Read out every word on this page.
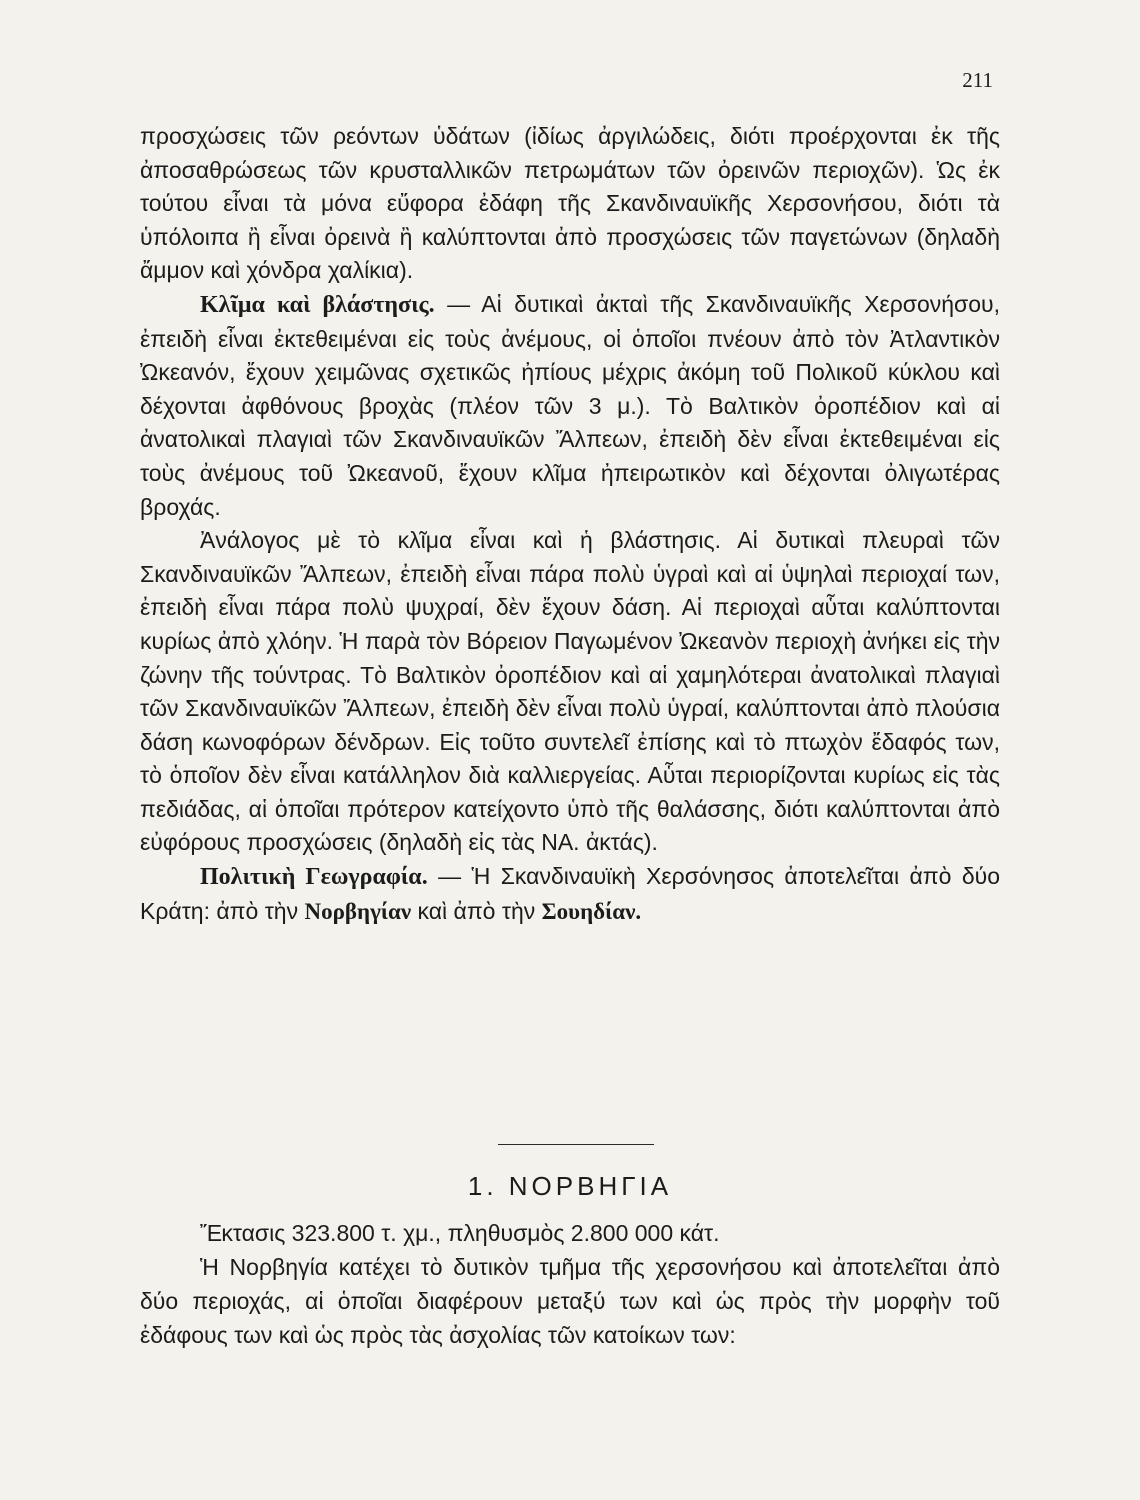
211

προσχώσεις τῶν ρεόντων ὑδάτων (ἰδίως ἀργιλώδεις, διότι προέρχονται ἐκ τῆς ἀποσαθρώσεως τῶν κρυσταλλικῶν πετρωμάτων τῶν ὀρεινῶν περιοχῶν). Ὡς ἐκ τούτου εἶναι τὰ μόνα εὔφορα ἐδάφη τῆς Σκανδιναυϊκῆς Χερσονήσου, διότι τὰ ὑπόλοιπα ἢ εἶναι ὀρεινὰ ἢ καλύπτονται ἀπὸ προσχώσεις τῶν παγετώνων (δηλαδὴ ἄμμον καὶ χόνδρα χαλίκια).

Κλῖμα καὶ βλάστησις. — Αἱ δυτικαὶ ἀκταὶ τῆς Σκανδιναυϊκῆς Χερσονήσου, ἐπειδὴ εἶναι ἐκτεθειμέναι εἰς τοὺς ἀνέμους, οἱ ὁποῖοι πνέουν ἀπὸ τὸν Ἀτλαντικὸν Ὠκεανόν, ἔχουν χειμῶνας σχετικῶς ἠπίους μέχρις ἀκόμη τοῦ Πολικοῦ κύκλου καὶ δέχονται ἀφθόνους βροχὰς (πλέον τῶν 3 μ.). Τὸ Βαλτικὸν ὀροπέδιον καὶ αἱ ἀνατολικαὶ πλαγιαὶ τῶν Σκανδιναυϊκῶν Ἄλπεων, ἐπειδὴ δὲν εἶναι ἐκτεθειμέναι εἰς τοὺς ἀνέμους τοῦ Ὠκεανοῦ, ἔχουν κλῖμα ἠπειρωτικὸν καὶ δέχονται ὀλιγωτέρας βροχάς.

Ἀνάλογος μὲ τὸ κλῖμα εἶναι καὶ ἡ βλάστησις. Αἱ δυτικαὶ πλευραὶ τῶν Σκανδιναυϊκῶν Ἄλπεων, ἐπειδὴ εἶναι πάρα πολὺ ὑγραὶ καὶ αἱ ὑψηλαὶ περιοχαί των, ἐπειδὴ εἶναι πάρα πολὺ ψυχραί, δὲν ἔχουν δάση. Αἱ περιοχαὶ αὗται καλύπτονται κυρίως ἀπὸ χλόην. Ἡ παρὰ τὸν Βόρειον Παγωμένον Ὠκεανὸν περιοχὴ ἀνήκει εἰς τὴν ζώνην τῆς τούντρας. Τὸ Βαλτικὸν ὀροπέδιον καὶ αἱ χαμηλότεραι ἀνατολικαὶ πλαγιαὶ τῶν Σκανδιναυϊκῶν Ἄλπεων, ἐπειδὴ δὲν εἶναι πολὺ ὑγραί, καλύπτονται ἀπὸ πλούσια δάση κωνοφόρων δένδρων. Εἰς τοῦτο συντελεῖ ἐπίσης καὶ τὸ πτωχὸν ἔδαφός των, τὸ ὁποῖον δὲν εἶναι κατάλληλον διὰ καλλιεργείας. Αὗται περιορίζονται κυρίως εἰς τὰς πεδιάδας, αἱ ὁποῖαι πρότερον κατείχοντο ὑπὸ τῆς θαλάσσης, διότι καλύπτονται ἀπὸ εὐφόρους προσχώσεις (δηλαδὴ εἰς τὰς ΝΑ. ἀκτάς).

Πολιτικὴ Γεωγραφία. — Ἡ Σκανδιναυϊκὴ Χερσόνησος ἀποτελεῖται ἀπὸ δύο Κράτη: ἀπὸ τὴν Νορβηγίαν καὶ ἀπὸ τὴν Σουηδίαν.

1. ΝΟΡΒΗΓΙΑ

Ἔκτασις 323.800 τ. χμ., πληθυσμὸς 2.800 000 κάτ.

Ἡ Νορβηγία κατέχει τὸ δυτικὸν τμῆμα τῆς χερσονήσου καὶ ἀποτελεῖται ἀπὸ δύο περιοχάς, αἱ ὁποῖαι διαφέρουν μεταξύ των καὶ ὡς πρὸς τὴν μορφὴν τοῦ ἐδάφους των καὶ ὡς πρὸς τὰς ἀσχολίας τῶν κατοίκων των:
